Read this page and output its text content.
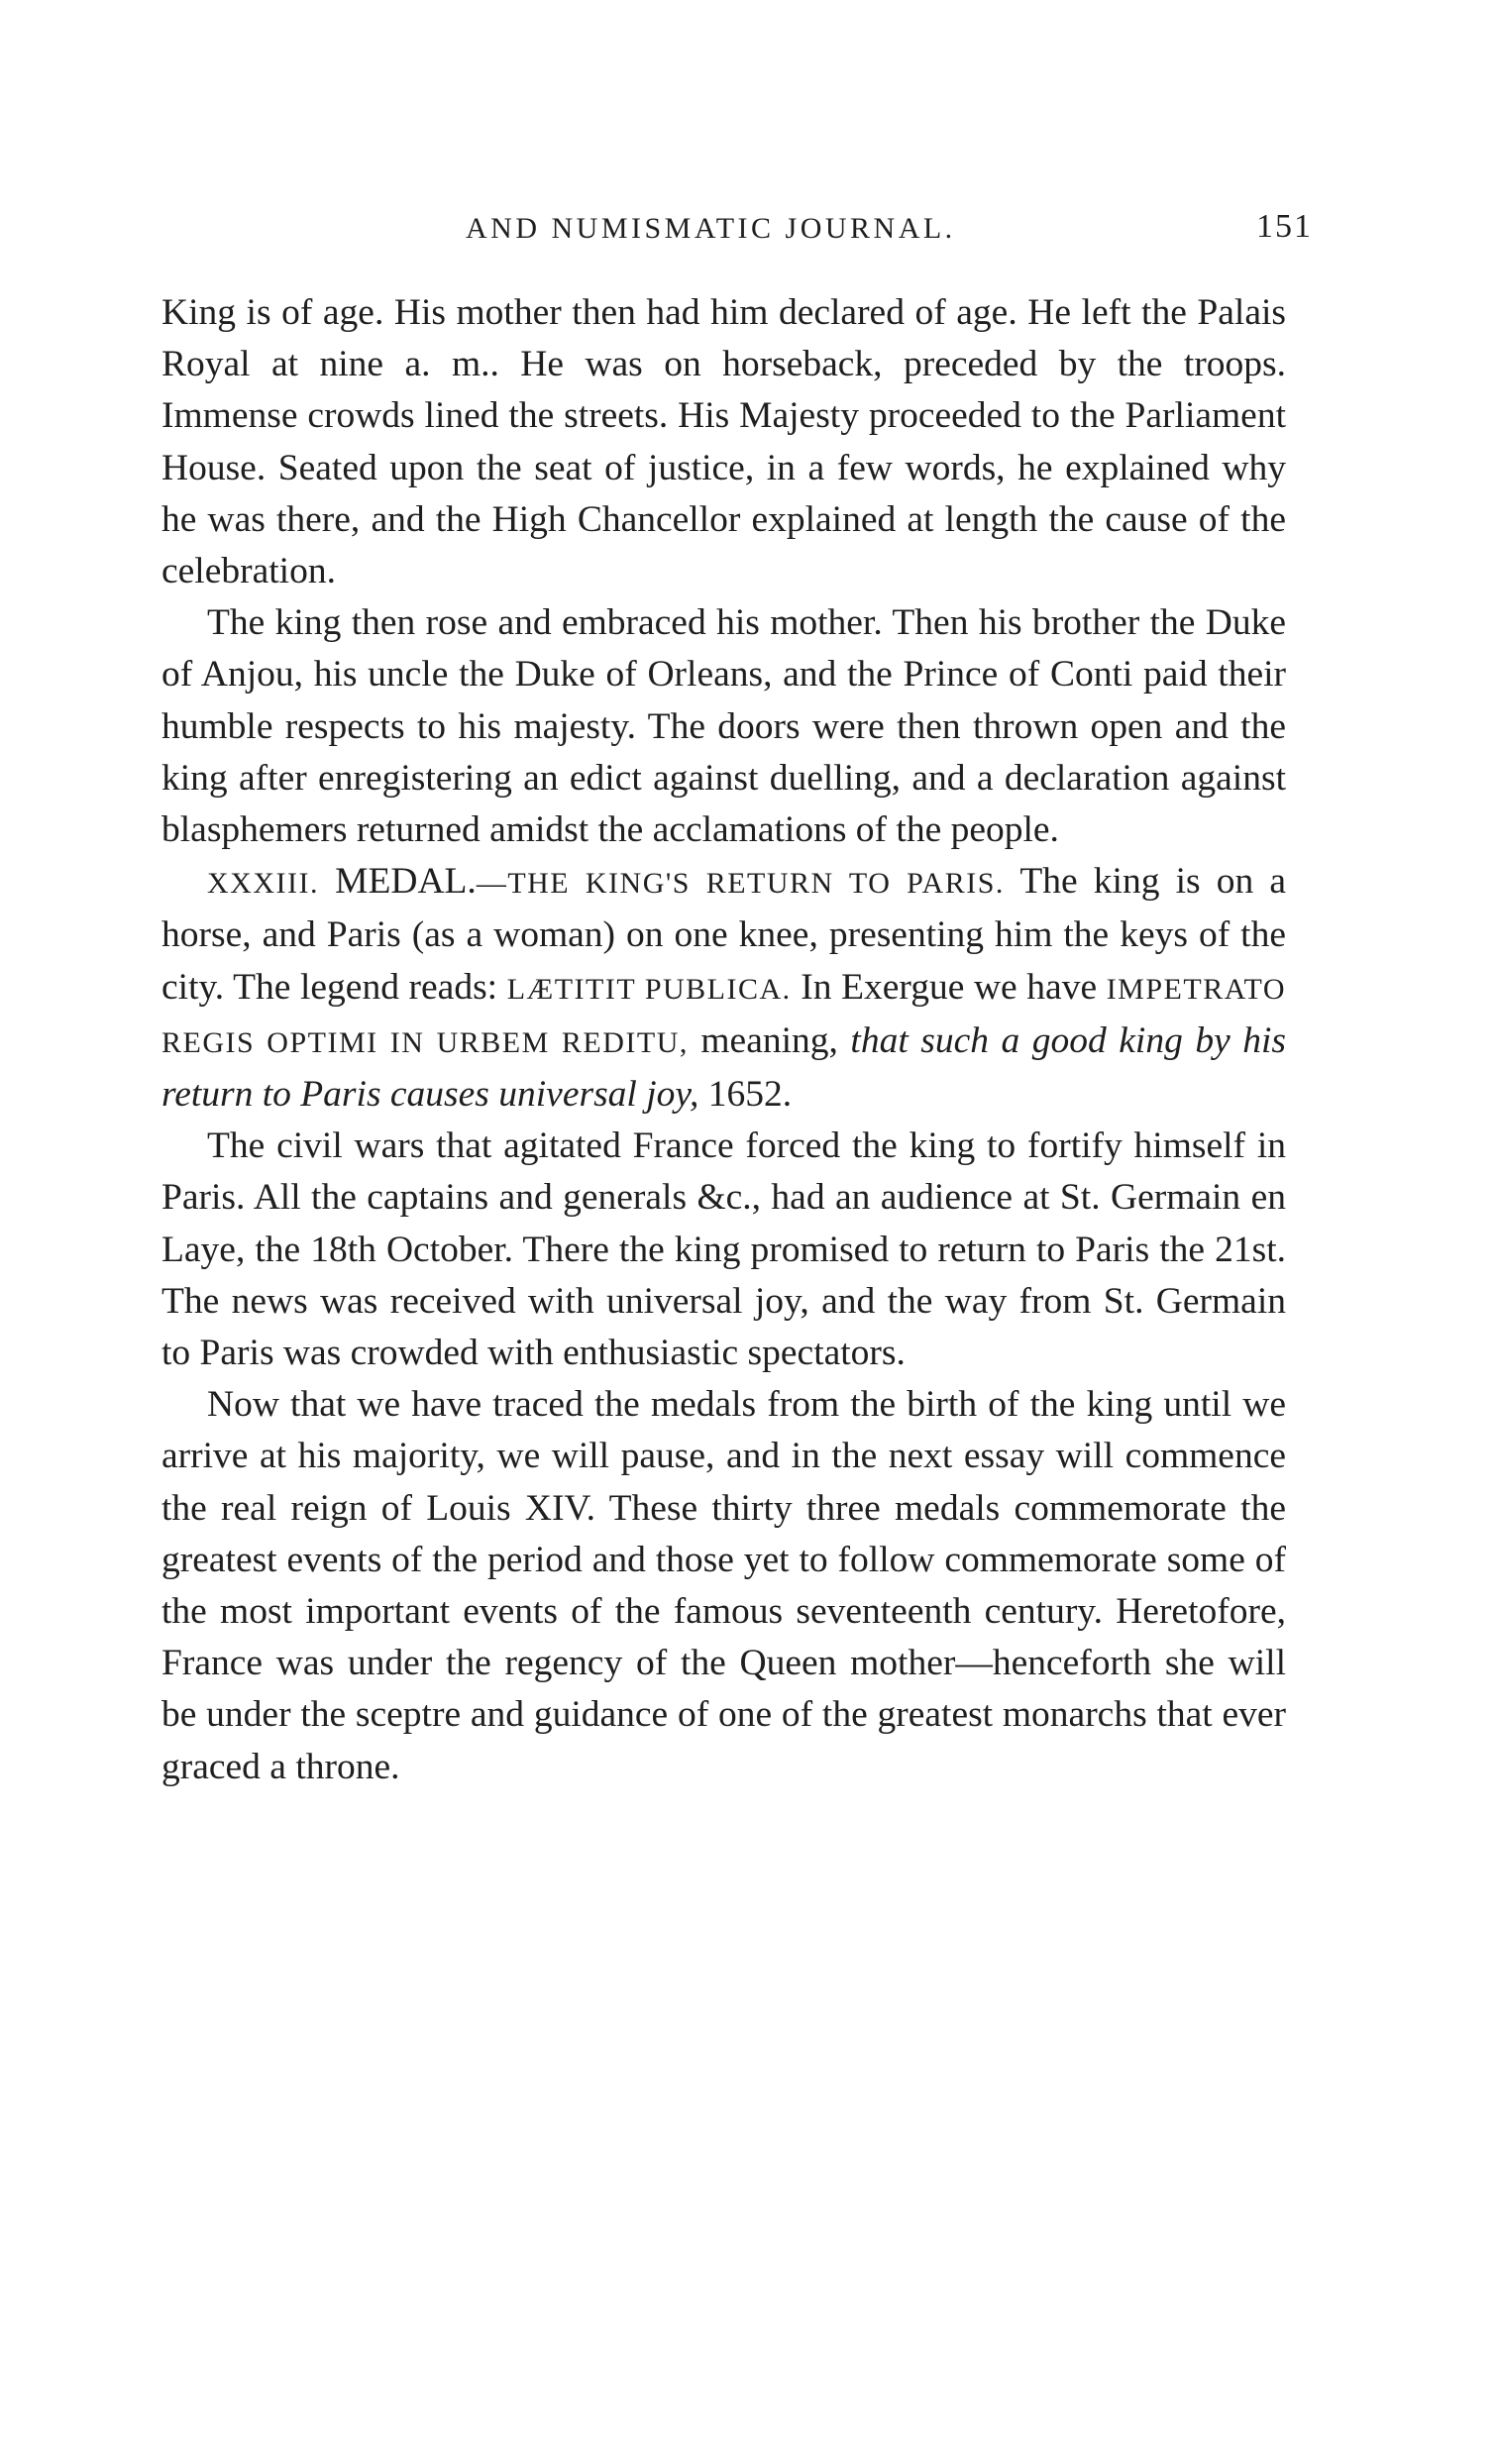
AND NUMISMATIC JOURNAL.	151

King is of age. His mother then had him declared of age. He left the Palais Royal at nine a. m.. He was on horseback, preceded by the troops. Immense crowds lined the streets. His Majesty proceeded to the Parliament House. Seated upon the seat of justice, in a few words, he explained why he was there, and the High Chancellor explained at length the cause of the celebration.

The king then rose and embraced his mother. Then his brother the Duke of Anjou, his uncle the Duke of Orleans, and the Prince of Conti paid their humble respects to his majesty. The doors were then thrown open and the king after enregistering an edict against duelling, and a declaration against blasphemers returned amidst the acclamations of the people.

XXXIII. MEDAL.—THE KING'S RETURN TO PARIS. The king is on a horse, and Paris (as a woman) on one knee, presenting him the keys of the city. The legend reads: LÆTITIT PUBLICA. In Exergue we have IMPETRATO REGIS OPTIMI IN URBEM REDITU, meaning, that such a good king by his return to Paris causes universal joy, 1652.

The civil wars that agitated France forced the king to fortify himself in Paris. All the captains and generals &c., had an audience at St. Germain en Laye, the 18th October. There the king promised to return to Paris the 21st. The news was received with universal joy, and the way from St. Germain to Paris was crowded with enthusiastic spectators.

Now that we have traced the medals from the birth of the king until we arrive at his majority, we will pause, and in the next essay will commence the real reign of Louis XIV. These thirty three medals commemorate the greatest events of the period and those yet to follow commemorate some of the most important events of the famous seventeenth century. Heretofore, France was under the regency of the Queen mother—henceforth she will be under the sceptre and guidance of one of the greatest monarchs that ever graced a throne.
